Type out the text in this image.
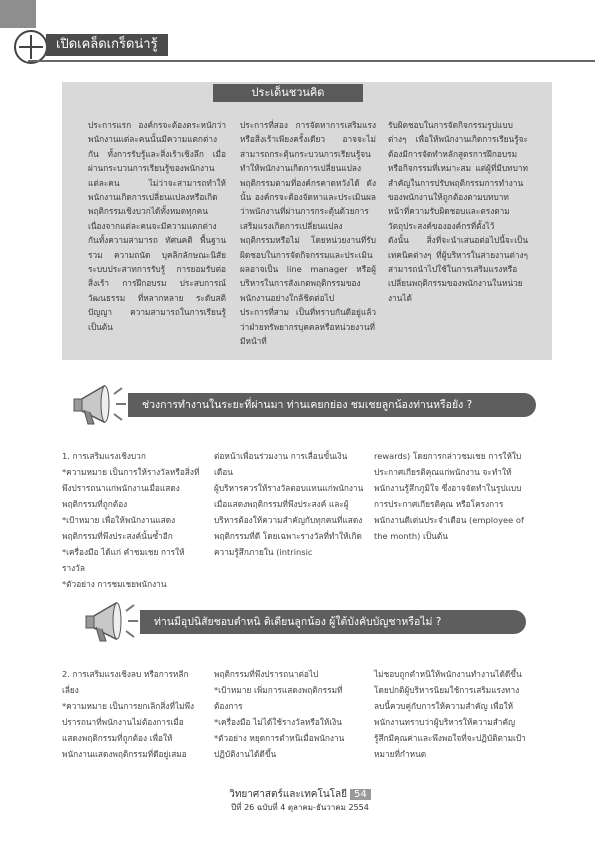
เปิดเคล็ดเกร็ดน่ารู้
ประเด็นชวนคิด

ประการแรก องค์กรจะต้องตระหนักว่าพนักงานแต่ละคนนั้นมีความแตกต่างกัน ทั้งการรับรู้และสิ่งเร้าเชิงลึก เมื่อผ่านกระบวนการเรียนรู้ของพนักงานแต่ละคน ไม่ว่าจะสามารถทำให้พนักงานเกิดการเปลี่ยนแปลงหรือเกิดพฤติกรรมเชิงบวกได้ทั้งหมดทุกคน เนื่องจากแต่ละคนจะมีความแตกต่างกันทั้งความสามารถ ทัศนคติ พื้นฐานรวม ความถนัด บุคลิกลักษณะนิสัย ระบบประสาทการรับรู้ การยอมรับต่อสิ่งเร้า การฝึกอบรม ประสบการณ์ วัฒนธรรม ที่หลากหลาย ระดับสติปัญญา ความสามารถในการเรียนรู้ เป็นต้น

ประการที่สอง การจัดหาการเสริมแรงหรือสิ่งเร้าเพียงครั้งเดียว อาจจะไม่สามารถกระตุ้นกระบวนการเรียนรู้จนทำให้พนักงานเกิดการเปลี่ยนแปลงพฤติกรรมตามที่องค์กรคาดหวังได้ ดังนั้น องค์กรจะต้องจัดหาและประเมินผลว่าพนักงานที่ผ่านการกระตุ้นด้วยการเสริมแรงเกิดการเปลี่ยนแปลงพฤติกรรมหรือไม่ โดยหน่วยงานที่รับผิดชอบในการจัดกิจกรรมและประเมินผลอาจเป็น line manager หรือผู้บริหารในการสังเกตพฤติกรรมของพนักงานอย่างใกล้ชิดต่อไป

ประการที่สาม เป็นที่ทราบกันดีอยู่แล้วว่าฝ่ายทรัพยากรบุคคลหรือหน่วยงานที่มีหน้าที่

รับผิดชอบในการจัดกิจกรรมรูปแบบต่างๆ เพื่อให้พนักงานเกิดการเรียนรู้จะต้องมีการจัดทำหลักสูตรการฝึกอบรมหรือกิจกรรมที่เหมาะสม แต่ผู้ที่มีบทบาทสำคัญในการปรับพฤติกรรมการทำงานของพนักงานให้ถูกต้องตามบทบาทหน้าที่ความรับผิดชอบและตรงตามวัตถุประสงค์ขององค์กรที่ตั้งไว้

ดังนั้น สิ่งที่จะนำเสนอต่อไปนี้จะเป็นเทคนิคต่างๆ ที่ผู้บริหารในสายงานต่างๆ สามารถนำไปใช้ในการเสริมแรงหรือเปลี่ยนพฤติกรรมของพนักงานในหน่วยงานได้

ช่วงการทำงานในระยะที่ผ่านมา ท่านเคยกย่อง ชมเชยลูกน้องท่านหรือยัง ?

1. การเสริมแรงเชิงบวก

*ความหมาย เป็นการให้รางวัลหรือสิ่งที่พึงปรารถนาแก่พนักงานเมื่อแสดงพฤติกรรมที่ถูกต้อง

*เป้าหมาย เพื่อให้พนักงานแสดงพฤติกรรมที่พึงประสงค์นั้นซ้ำอีก

*เครื่องมือ ได้แก่ คำชมเชย การให้รางวัล

*ตัวอย่าง การชมเชยพนักงาน

ต่อหน้าเพื่อนร่วมงาน การเลื่อนขั้นเงินเดือน

ผู้บริหารควรให้รางวัลตอบแทนแก่พนักงานเมื่อแสดงพฤติกรรมที่พึงประสงค์ และผู้บริหารต้องให้ความสำคัญกับทุกคนที่แสดงพฤติกรรมที่ดี โดยเฉพาะรางวัลที่ทำให้เกิดความรู้สึกภายใน (intrinsic

rewards) โดยการกล่าวชมเชย การให้ใบประกาศเกียรติคุณแก่พนักงาน จะทำให้พนักงานรู้สึกภูมิใจ ซึ่งอาจจัดทำในรูปแบบการประกาศเกียรติคุณ หรือโครงการพนักงานดีเด่นประจำเดือน (employee of the month) เป็นต้น

ท่านมีอุปนิสัยชอบตำหนิ ติเตียนลูกน้อง ผู้ใต้บังคับบัญชาหรือไม่ ?

2. การเสริมแรงเชิงลบ หรือการหลีกเลี่ยง

*ความหมาย เป็นการยกเลิกสิ่งที่ไม่พึงปรารถนาที่พนักงานไม่ต้องการเมื่อแสดงพฤติกรรมที่ถูกต้อง เพื่อให้พนักงานแสดงพฤติกรรมที่ดีอยู่เสมอ

พฤติกรรมที่พึงปรารถนาต่อไป

*เป้าหมาย เพิ่มการแสดงพฤติกรรมที่ต้องการ

*เครื่องมือ ไม่ได้ใช้รางวัลหรือให้เงิน

*ตัวอย่าง หยุดการตำหนิเมื่อพนักงานปฏิบัติงานได้ดีขึ้น

ไม่ชอบถูกตำหนิให้พนักงานทำงานได้ดีขึ้น

โดยปกติผู้บริหารนิยมใช้การเสริมแรงทางลบนี้ควบคู่กับการให้ความสำคัญ เพื่อให้พนักงานทราบว่าผู้บริหารให้ความสำคัญ รู้สึกมีคุณค่าและพึงพอใจที่จะปฏิบัติตามเป้าหมายที่กำหนด

วิทยาศาสตร์และเทคโนโลยี 54
ปีที่ 26 ฉบับที่ 4 ตุลาคม-ธันวาคม 2554
